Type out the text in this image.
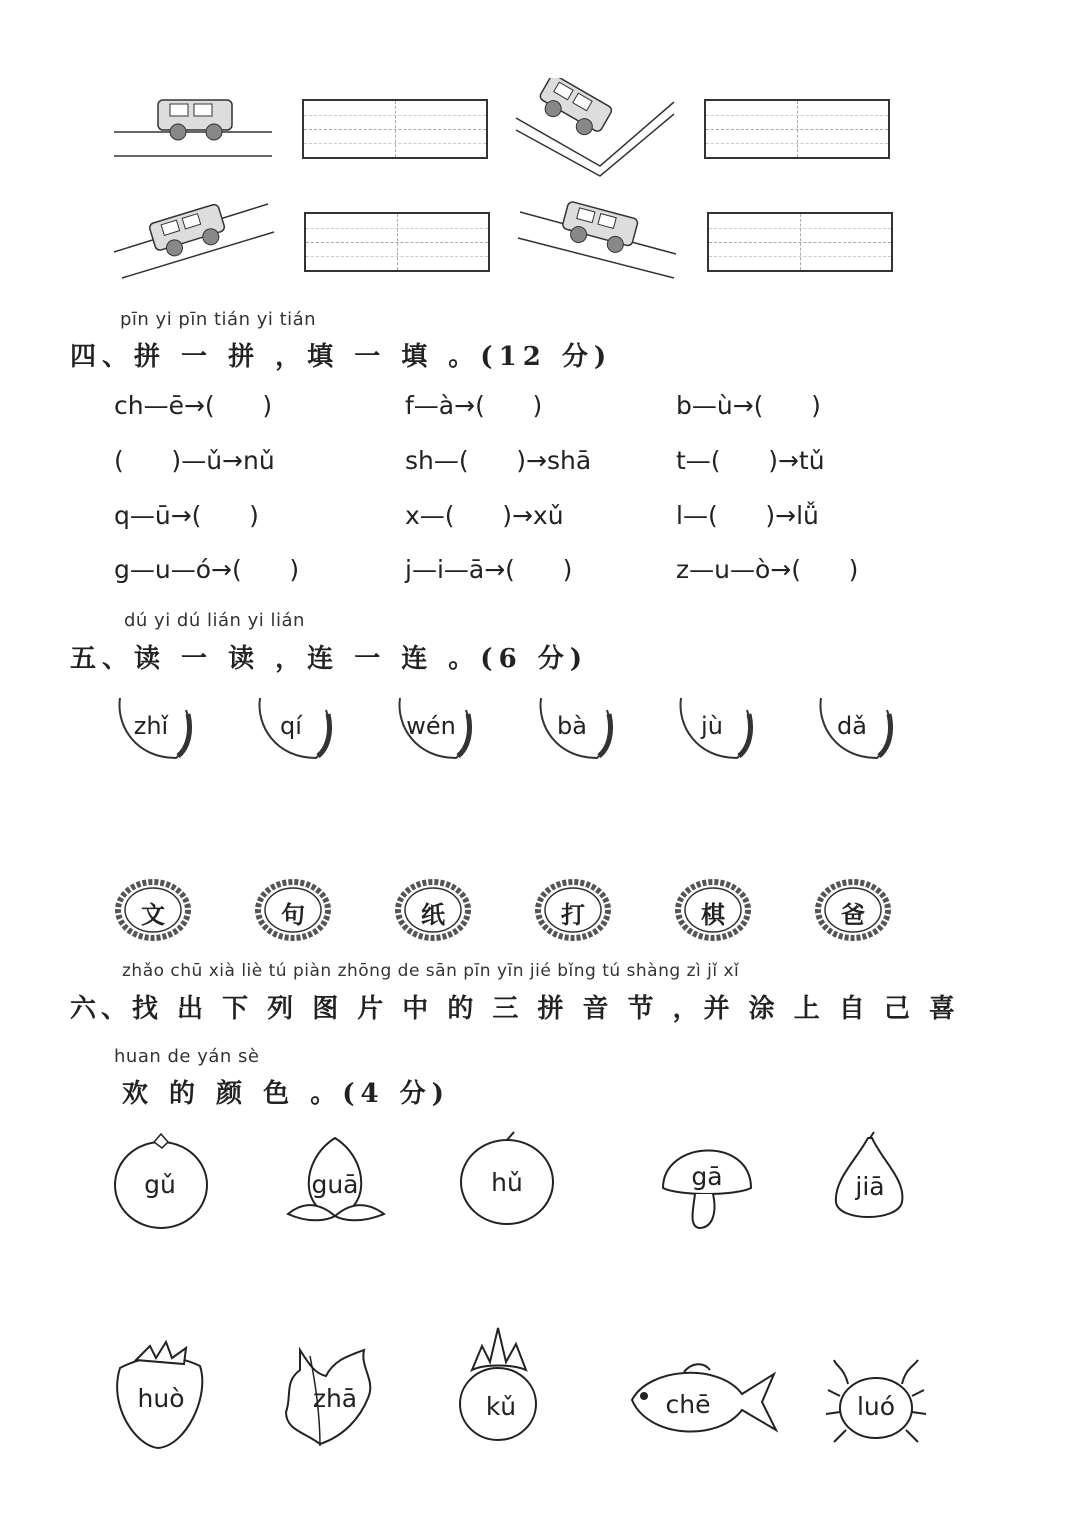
pīn yi pīn tián yi tián
四、拼 一 拼 ，填 一 填 。(12 分)
ch—ē→(      )	f—à→(      )	b—ù→(      )
(      )—ǔ→nǔ	sh—(      )→shā	t—(      )→tǔ
q—ū→(      )	x—(      )→xǔ	l—(      )→lǚ
g—u—ó→(      )	j—i—ā→(      )	z—u—ò→(      )
dú yi dú lián yi lián
五、读 一 读 ，连 一 连 。(6 分)
zhǐ	qí	wén	bà	jù	dǎ
文	句	纸	打	棋	爸
zhǎo chū xià liè tú piàn zhōng de sān pīn yīn jié bǐng tú shàng zì jǐ xǐ
六、找 出 下 列 图 片 中 的 三 拼 音 节 ，并 涂 上 自 己 喜
huan de yán sè
欢 的 颜 色 。(4 分)
gǔ	guā	hǔ	gā	jiā
huò	zhā	kǔ	chē	luó
